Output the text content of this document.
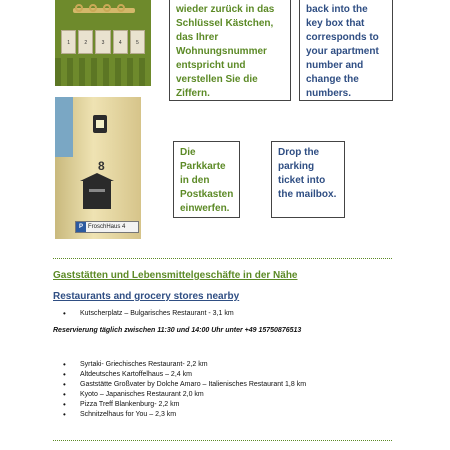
1	2	3	4	5
8
P FroschHaus 4
wieder zurück in das Schlüssel Kästchen, das Ihrer Wohnungsnummer entspricht und verstellen Sie die Ziffern.
back into the key box that corresponds to your apartment number and change the numbers.
Die Parkkarte in den Postkasten einwerfen.
Drop the parking ticket into the mailbox.
Gaststätten und Lebensmittelgeschäfte in der Nähe
Restaurants and grocery stores nearby
• Kutscherplatz – Bulgarisches Restaurant - 3,1 km
Reservierung täglich zwischen 11:30 und 14:00 Uhr unter +49 15750876513
• Syrtaki- Griechisches Restaurant- 2,2 km
• Altdeutsches Kartoffelhaus – 2,4 km
• Gaststätte Großvater by Dolche Amaro – Italienisches Restaurant 1,8 km
• Kyoto – Japanisches Restaurant 2,0 km
• Pizza Treff Blankenburg- 2,2 km
• Schnitzelhaus for You – 2,3 km
